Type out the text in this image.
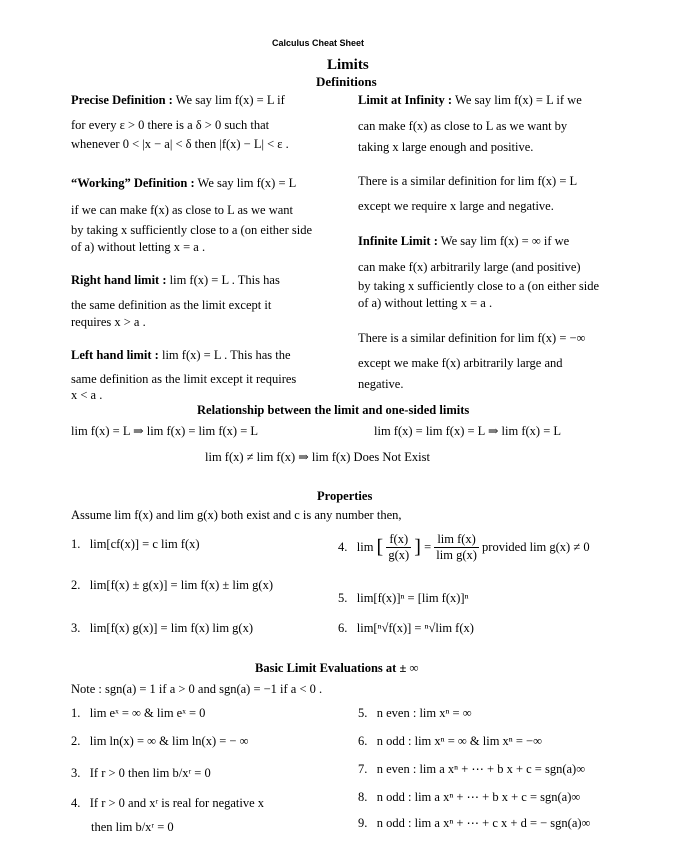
Calculus Cheat Sheet
Limits
Definitions
Precise Definition : We say lim f(x) = L if
for every ε > 0 there is a δ > 0 such that
whenever 0 < |x − a| < δ then |f(x) − L| < ε .
“Working” Definition : We say lim f(x) = L
if we can make f(x) as close to L as we want
by taking x sufficiently close to a (on either side
of a) without letting x = a .
Right hand limit : lim f(x) = L . This has
the same definition as the limit except it
requires x > a .
Left hand limit : lim f(x) = L . This has the
same definition as the limit except it requires
x < a .
Limit at Infinity : We say lim f(x) = L if we
can make f(x) as close to L as we want by
taking x large enough and positive.
There is a similar definition for lim f(x) = L
except we require x large and negative.
Infinite Limit : We say lim f(x) = ∞ if we
can make f(x) arbitrarily large (and positive)
by taking x sufficiently close to a (on either side
of a) without letting x = a .
There is a similar definition for lim f(x) = −∞
except we make f(x) arbitrarily large and
negative.
Relationship between the limit and one-sided limits
lim f(x) = L ⇒ lim f(x) = lim f(x) = L	lim f(x) = lim f(x) = L ⇒ lim f(x) = L
lim f(x) ≠ lim f(x) ⇒ lim f(x) Does Not Exist
Properties
Assume lim f(x) and lim g(x) both exist and c is any number then,
1. lim[cf(x)] = c lim f(x)
2. lim[f(x) ± g(x)] = lim f(x) ± lim g(x)
3. lim[f(x) g(x)] = lim f(x) lim g(x)
4. lim [ $\frac{f(x)}{g(x)}$ ] = $\frac{\text{lim f(x)}}{\text{lim g(x)}}$ provided lim g(x) ≠ 0
5. lim[f(x)]ⁿ = [lim f(x)]ⁿ
6. lim[ⁿ√f(x)] = ⁿ√lim f(x)
Basic Limit Evaluations at ± ∞
Note : sgn(a) = 1 if a > 0 and sgn(a) = −1 if a < 0 .
1. lim eˣ = ∞ & lim eˣ = 0
2. lim ln(x) = ∞ & lim ln(x) = − ∞
3. If r > 0 then lim b/xʳ = 0
4. If r > 0 and xʳ is real for negative x
then lim b/xʳ = 0
5. n even : lim xⁿ = ∞
6. n odd : lim xⁿ = ∞ & lim xⁿ = −∞
7. n even : lim a xⁿ + ⋯ + b x + c = sgn(a)∞
8. n odd : lim a xⁿ + ⋯ + b x + c = sgn(a)∞
9. n odd : lim a xⁿ + ⋯ + c x + d = − sgn(a)∞
